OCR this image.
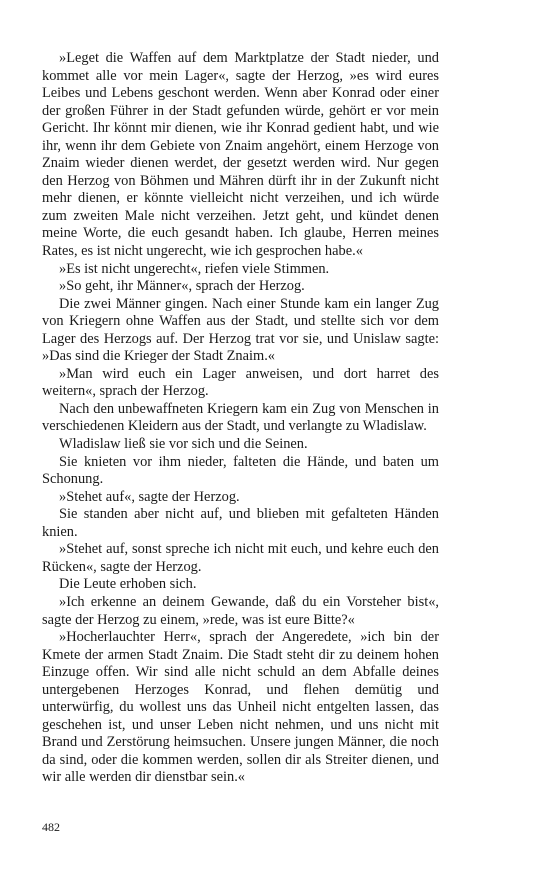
»Leget die Waffen auf dem Marktplatze der Stadt nieder, und kommet alle vor mein Lager«, sagte der Herzog, »es wird eures Leibes und Lebens geschont werden. Wenn aber Konrad oder einer der großen Führer in der Stadt gefunden würde, gehört er vor mein Gericht. Ihr könnt mir dienen, wie ihr Konrad gedient habt, und wie ihr, wenn ihr dem Gebiete von Znaim angehört, einem Herzoge von Znaim wieder dienen werdet, der gesetzt werden wird. Nur gegen den Herzog von Böhmen und Mähren dürft ihr in der Zukunft nicht mehr dienen, er könnte vielleicht nicht verzeihen, und ich würde zum zweiten Male nicht verzeihen. Jetzt geht, und kündet denen meine Worte, die euch gesandt haben. Ich glaube, Herren meines Rates, es ist nicht ungerecht, wie ich gesprochen habe.«

»Es ist nicht ungerecht«, riefen viele Stimmen.

»So geht, ihr Männer«, sprach der Herzog.

Die zwei Männer gingen. Nach einer Stunde kam ein langer Zug von Kriegern ohne Waffen aus der Stadt, und stellte sich vor dem Lager des Herzogs auf. Der Herzog trat vor sie, und Unislaw sagte: »Das sind die Krieger der Stadt Znaim.«

»Man wird euch ein Lager anweisen, und dort harret des weitern«, sprach der Herzog.

Nach den unbewaffneten Kriegern kam ein Zug von Menschen in verschiedenen Kleidern aus der Stadt, und verlangte zu Wladislaw.

Wladislaw ließ sie vor sich und die Seinen.

Sie knieten vor ihm nieder, falteten die Hände, und baten um Schonung.

»Stehet auf«, sagte der Herzog.

Sie standen aber nicht auf, und blieben mit gefalteten Händen knien.

»Stehet auf, sonst spreche ich nicht mit euch, und kehre euch den Rücken«, sagte der Herzog.

Die Leute erhoben sich.

»Ich erkenne an deinem Gewande, daß du ein Vorsteher bist«, sagte der Herzog zu einem, »rede, was ist eure Bitte?«

»Hocherlauchter Herr«, sprach der Angeredete, »ich bin der Kmete der armen Stadt Znaim. Die Stadt steht dir zu deinem hohen Einzuge offen. Wir sind alle nicht schuld an dem Abfalle deines untergebenen Herzoges Konrad, und flehen demütig und unterwürfig, du wollest uns das Unheil nicht entgelten lassen, das geschehen ist, und unser Leben nicht nehmen, und uns nicht mit Brand und Zerstörung heimsuchen. Unsere jungen Männer, die noch da sind, oder die kommen werden, sollen dir als Streiter dienen, und wir alle werden dir dienstbar sein.«

482
